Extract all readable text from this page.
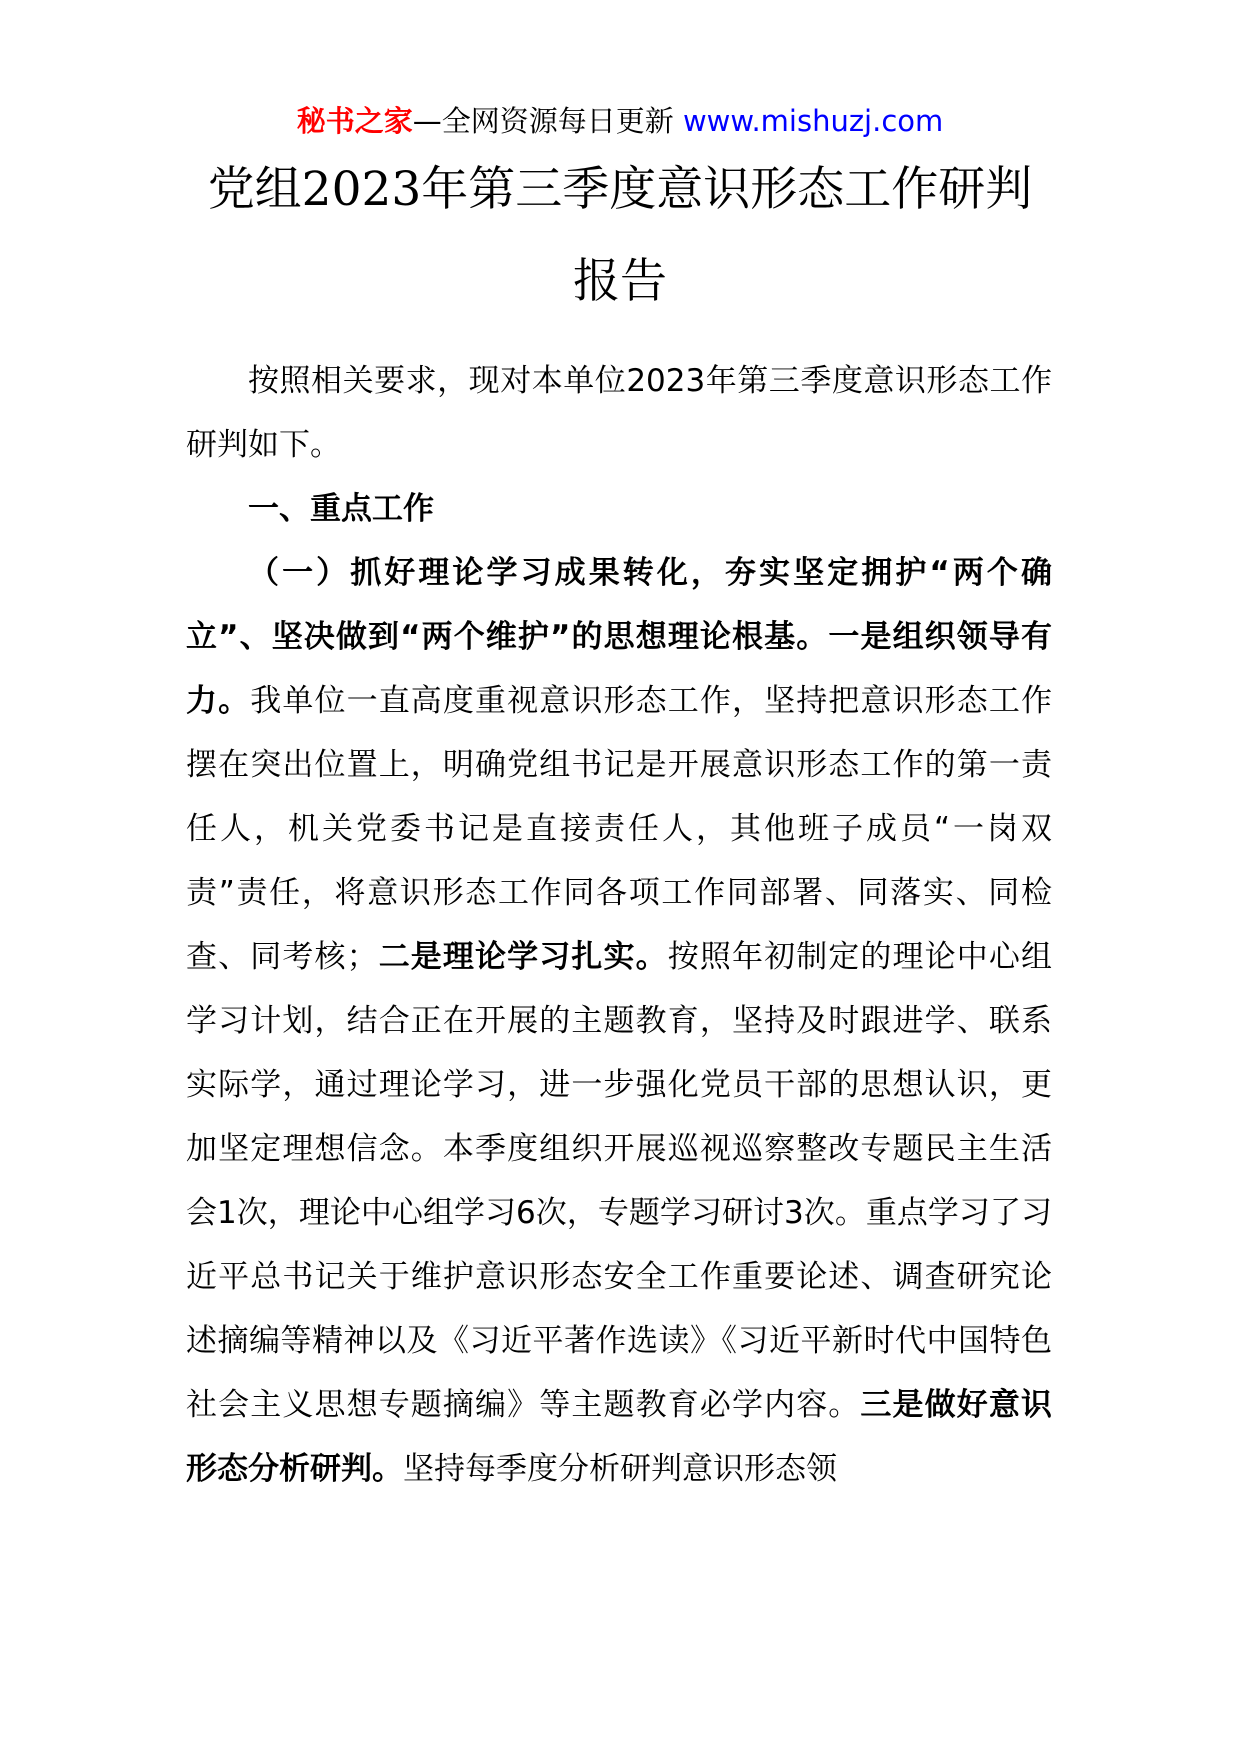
秘书之家—全网资源每日更新 www.mishuzj.com
党组2023年第三季度意识形态工作研判
报告

按照相关要求，现对本单位2023年第三季度意识形态工作研判如下。

一、重点工作

（一）抓好理论学习成果转化，夯实坚定拥护“两个确立”、坚决做到“两个维护”的思想理论根基。一是组织领导有力。我单位一直高度重视意识形态工作，坚持把意识形态工作摆在突出位置上，明确党组书记是开展意识形态工作的第一责任人，机关党委书记是直接责任人，其他班子成员“一岗双责”责任，将意识形态工作同各项工作同部署、同落实、同检查、同考核；二是理论学习扎实。按照年初制定的理论中心组学习计划，结合正在开展的主题教育，坚持及时跟进学、联系实际学，通过理论学习，进一步强化党员干部的思想认识，更加坚定理想信念。本季度组织开展巡视巡察整改专题民主生活会1次，理论中心组学习6次，专题学习研讨3次。重点学习了习近平总书记关于维护意识形态安全工作重要论述、调查研究论述摘编等精神以及《习近平著作选读》《习近平新时代中国特色社会主义思想专题摘编》等主题教育必学内容。三是做好意识形态分析研判。坚持每季度分析研判意识形态领
